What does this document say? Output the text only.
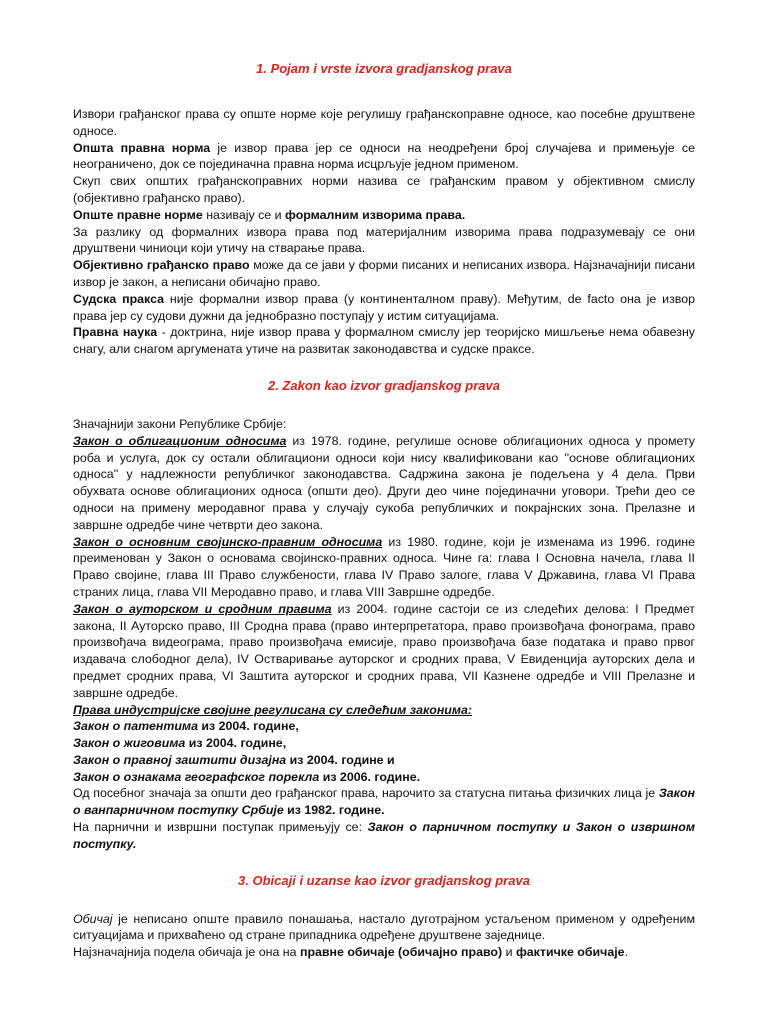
1. Pojam i vrste izvora gradjanskog prava

Извори грађанског права су опште норме које регулишу грађанскоправне односе, као посебне друштвене односе.

Општа правна норма је извор права јер се односи на неодређени број случајева и примењује се неограничено, док се појединачна правна норма исцрљује једном применом.

Скуп свих општих грађанскоправних норми назива се грађанским правом у објективном смислу (објективно грађанско право).

Опште правне норме називају се и формалним изворима права.

За разлику од формалних извора права под материјалним изворима права подразумевају се они друштвени чиниоци који утичу на стварање права.

Објективно грађанско право може да се јави у форми писаних и неписаних извора. Најзначајнији писани извор је закон, а неписани обичајно право.

Судска пракса није формални извор права (у континенталном праву). Међутим, de facto она је извор права јер су судови дужни да једнобразно поступају у истим ситуацијама.

Правна наука - доктрина, није извор права у формалном смислу јер теоријско мишљење нема обавезну снагу, али снагом аргумената утиче на развитак законодавства и судске праксе.

2. Zakon kao izvor gradjanskog prava

Значајнији закони Републике Србије:

Закон о облигационим односима из 1978. године, регулише основе облигационих односа у промету роба и услуга, док су остали облигациони односи који нису квалификовани као ''основе облигационих односа'' у надлежности републичког законодавства. Садржина закона је подељена у 4 дела. Први обухвата основе облигационих односа (општи део). Други део чине појединачни уговори. Трећи део се односи на примену меродавног права у случају сукоба републичких и покрајнских зона. Прелазне и завршне одредбе чине четврти део закона.

Закон о основним својинско-правним односима из 1980. године, који је изменама из 1996. године преименован у Закон о основама својинско-правних односа. Чине га: глава I Основна начела, глава II Право својине, глава III Право службености, глава IV Право залоге, глава V Државина, глава VI Права страних лица, глава VII Меродавно право, и глава VIII Завршне одредбе.

Закон о ауторском и сродним правима из 2004. године састоји се из следећих делова: I Предмет закона, II Ауторско право, III Сродна права (право интерпретатора, право произвођача фонограма, право произвођача видеограма, право произвођача емисије, право произвођача базе података и право првог издавача слободног дела), IV Остваривање ауторског и сродних права, V Евиденција ауторских дела и предмет сродних права, VI Заштита ауторског и сродних права, VII Казнене одредбе и VIII Прелазне и завршне одредбе.

Права индустријске својине регулисана су следећим законима:

Закон о патентима из 2004. године,

Закон о жиговима из 2004. године,

Закон о правној заштити дизајна из 2004. године и

Закон о ознакама географског порекла из 2006. године.

Од посебног значаја за општи део грађанског права, нарочито за статусна питања физичких лица је Закон о ванпарничном поступку Србије из 1982. године.

На парнични и извршни поступак примењују се: Закон о парничном поступку и Закон о извршном поступку.

3. Obicaji i uzanse kao izvor gradjanskog prava

Обичај је неписано опште правило понашања, настало дуготрајном устаљеном применом у одређеним ситуацијама и прихваћено од стране припадника одређене друштвене заједнице.

Најзначајнија подела обичаја је она на правне обичаје (обичајно право) и фактичке обичаје.
